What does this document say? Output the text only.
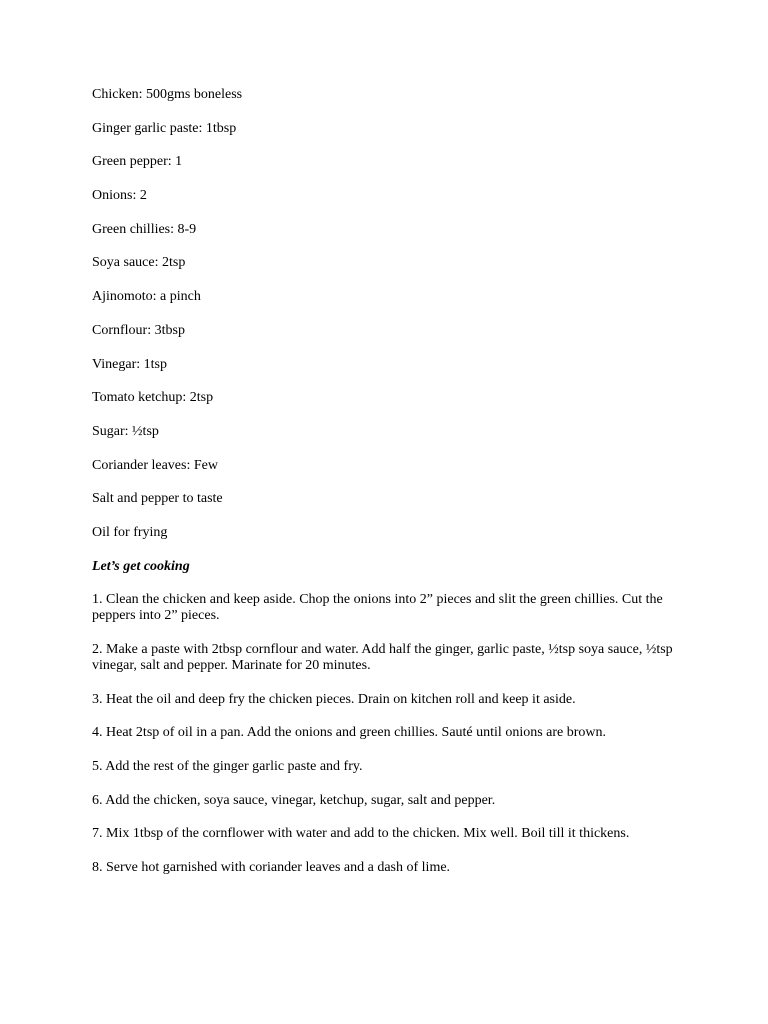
Chicken: 500gms boneless

Ginger garlic paste: 1tbsp

Green pepper: 1

Onions: 2

Green chillies: 8-9

Soya sauce: 2tsp

Ajinomoto: a pinch

Cornflour: 3tbsp

Vinegar: 1tsp

Tomato ketchup: 2tsp

Sugar: ½tsp

Coriander leaves: Few

Salt and pepper to taste

Oil for frying

Let’s get cooking

1. Clean the chicken and keep aside. Chop the onions into 2” pieces and slit the green chillies. Cut the peppers into 2” pieces.

2. Make a paste with 2tbsp cornflour and water. Add half the ginger, garlic paste, ½tsp soya sauce, ½tsp vinegar, salt and pepper. Marinate for 20 minutes.

3. Heat the oil and deep fry the chicken pieces. Drain on kitchen roll and keep it aside.

4. Heat 2tsp of oil in a pan. Add the onions and green chillies. Sauté until onions are brown.

5. Add the rest of the ginger garlic paste and fry.

6. Add the chicken, soya sauce, vinegar, ketchup, sugar, salt and pepper.

7. Mix 1tbsp of the cornflower with water and add to the chicken. Mix well. Boil till it thickens.

8. Serve hot garnished with coriander leaves and a dash of lime.
